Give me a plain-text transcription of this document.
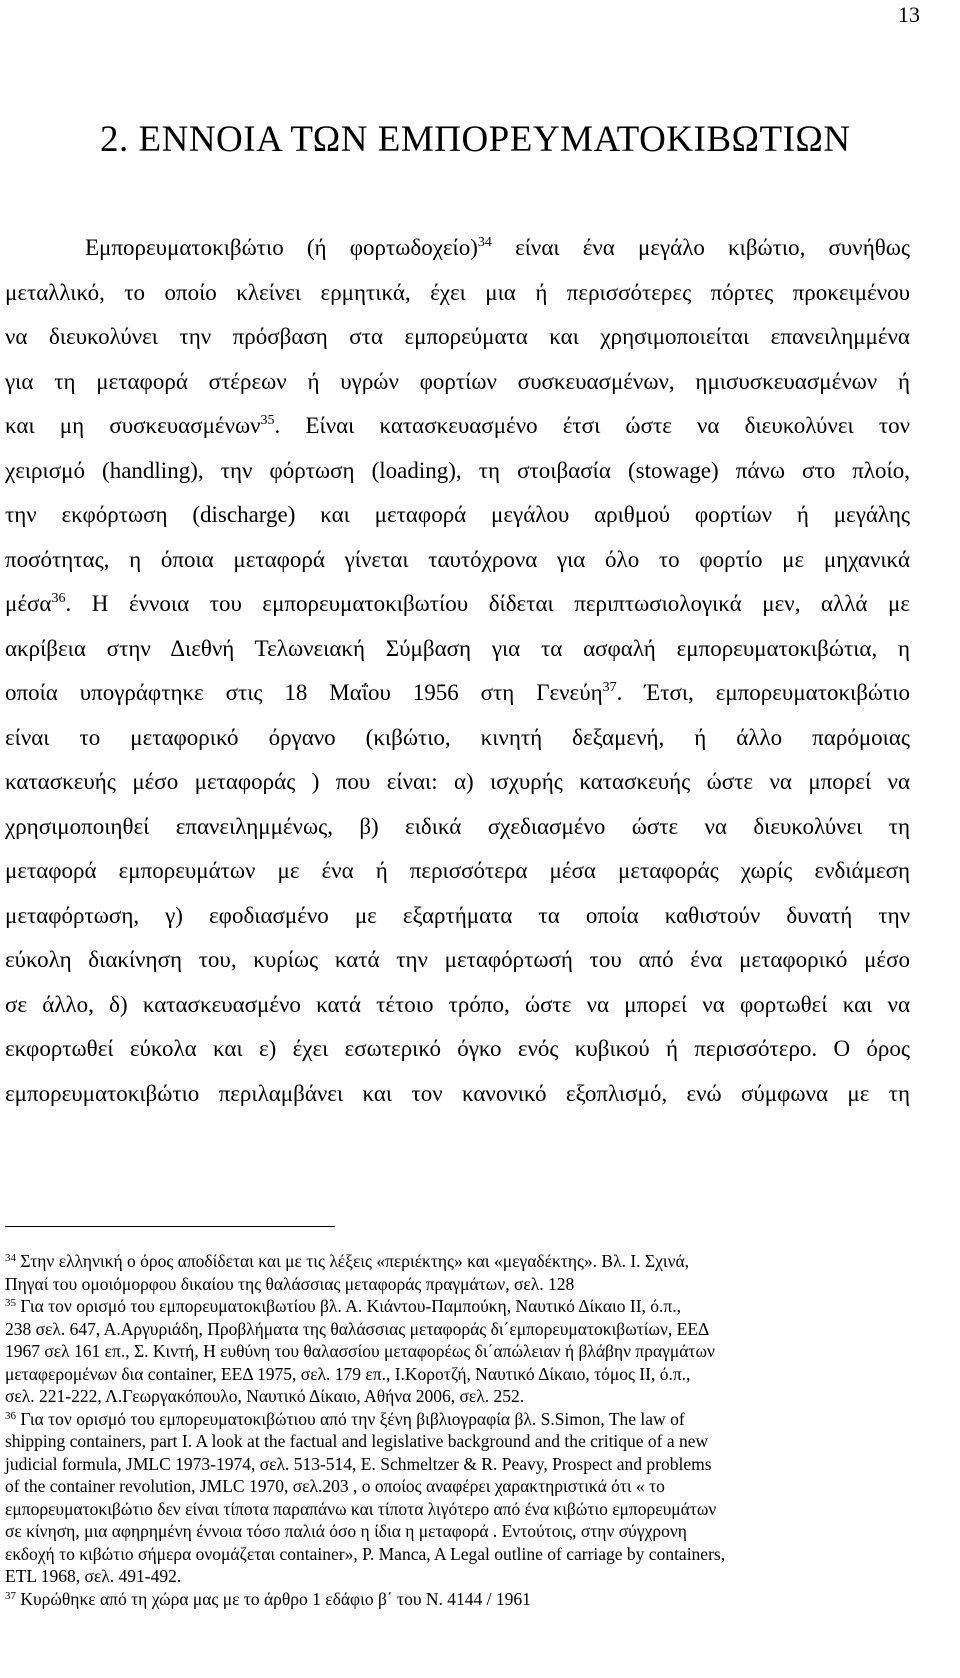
13
2. ΕΝΝΟΙΑ ΤΩΝ ΕΜΠΟΡΕΥΜΑΤΟΚΙΒΩΤΙΩΝ
Εμπορευματοκιβώτιο (ή φορτωδοχείο)$^{34}$ είναι ένα μεγάλο κιβώτιο, συνήθως
μεταλλικό, το οποίο κλείνει ερμητικά, έχει μια ή περισσότερες πόρτες προκειμένου
να διευκολύνει την πρόσβαση στα εμπορεύματα και χρησιμοποιείται επανειλημμένα
για τη μεταφορά στέρεων ή υγρών φορτίων συσκευασμένων, ημισυσκευασμένων ή
και μη συσκευασμένων$^{35}$. Είναι κατασκευασμένο έτσι ώστε να διευκολύνει τον
χειρισμό (handling), την φόρτωση (loading), τη στοιβασία (stowage) πάνω στο πλοίο,
την εκφόρτωση (discharge) και μεταφορά μεγάλου αριθμού φορτίων ή μεγάλης
ποσότητας, η όποια μεταφορά γίνεται ταυτόχρονα για όλο το φορτίο με μηχανικά
μέσα$^{36}$. Η έννοια του εμπορευματοκιβωτίου δίδεται περιπτωσιολογικά μεν, αλλά με
ακρίβεια στην Διεθνή Τελωνειακή Σύμβαση για τα ασφαλή εμπορευματοκιβώτια, η
οποία υπογράφτηκε στις 18 Μαΐου 1956 στη Γενεύη$^{37}$. Έτσι, εμπορευματοκιβώτιο
είναι το μεταφορικό όργανο (κιβώτιο, κινητή δεξαμενή, ή άλλο παρόμοιας
κατασκευής μέσο μεταφοράς ) που είναι: α) ισχυρής κατασκευής ώστε να μπορεί να
χρησιμοποιηθεί επανειλημμένως, β) ειδικά σχεδιασμένο ώστε να διευκολύνει τη
μεταφορά εμπορευμάτων με ένα ή περισσότερα μέσα μεταφοράς χωρίς ενδιάμεση
μεταφόρτωση, γ) εφοδιασμένο με εξαρτήματα τα οποία καθιστούν δυνατή την
εύκολη διακίνηση του, κυρίως κατά την μεταφόρτωσή του από ένα μεταφορικό μέσο
σε άλλο, δ) κατασκευασμένο κατά τέτοιο τρόπο, ώστε να μπορεί να φορτωθεί και να
εκφορτωθεί εύκολα και ε) έχει εσωτερικό όγκο ενός κυβικού ή περισσότερο. Ο όρος
εμπορευματοκιβώτιο περιλαμβάνει και τον κανονικό εξοπλισμό, ενώ σύμφωνα με τη
$^{34}$ Στην ελληνική ο όρος αποδίδεται και με τις λέξεις «περιέκτης» και «μεγαδέκτης». Βλ. Ι. Σχινά,
Πηγαί του ομοιόμορφου δικαίου της θαλάσσιας μεταφοράς πραγμάτων, σελ. 128
$^{35}$ Για τον ορισμό του εμπορευματοκιβωτίου βλ. Α. Κιάντου-Παμπούκη, Ναυτικό Δίκαιο ΙΙ, ό.π.,
238 σελ. 647, Α.Αργυριάδη, Προβλήματα της θαλάσσιας μεταφοράς δι΄εμπορευματοκιβωτίων, ΕΕΔ
1967 σελ 161 επ., Σ. Κιντή, Η ευθύνη του θαλασσίου μεταφορέως δι΄απώλειαν ή βλάβην πραγμάτων
μεταφερομένων δια container, ΕΕΔ 1975, σελ. 179 επ., Ι.Κοροτζή, Ναυτικό Δίκαιο, τόμος ΙΙ, ό.π.,
σελ. 221-222, Λ.Γεωργακόπουλο, Ναυτικό Δίκαιο, Αθήνα 2006, σελ. 252.
$^{36}$ Για τον ορισμό του εμπορευματοκιβώτιου από την ξένη βιβλιογραφία βλ. S.Simon, The law of
shipping containers, part I. A look at the factual and legislative background and the critique of a new
judicial formula, JMLC 1973-1974, σελ. 513-514, E. Schmeltzer & R. Peavy, Prospect and problems
of the container revolution, JMLC 1970, σελ.203 , ο οποίος αναφέρει χαρακτηριστικά ότι « το
εμπορευματοκιβώτιο δεν είναι τίποτα παραπάνω και τίποτα λιγότερο από ένα κιβώτιο εμπορευμάτων
σε κίνηση, μια αφηρημένη έννοια τόσο παλιά όσο η ίδια η μεταφορά . Εντούτοις, στην σύγχρονη
εκδοχή το κιβώτιο σήμερα ονομάζεται container», P. Manca, A Legal outline of carriage by containers,
ETL 1968, σελ. 491-492.
$^{37}$ Κυρώθηκε από τη χώρα μας με το άρθρο 1 εδάφιο β΄ του Ν. 4144 / 1961
